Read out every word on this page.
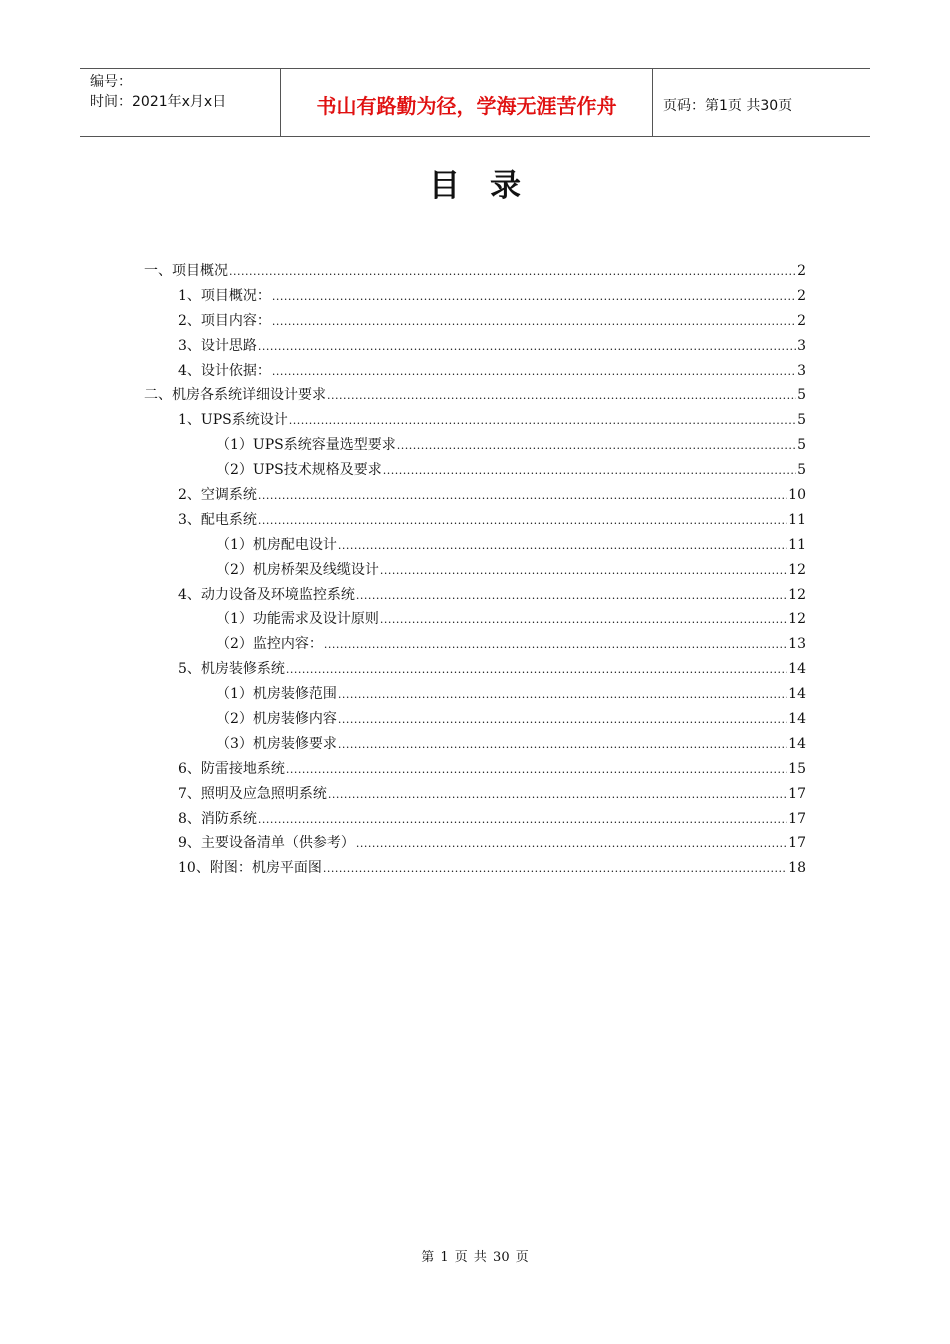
编号：
时间：2021年x月x日	书山有路勤为径，学海无涯苦作舟	页码：第1页 共30页
目录
一、项目概况 .....	2
1、项目概况： .....	2
2、项目内容： .....	2
3、设计思路 .....	3
4、设计依据： .....	3
二、机房各系统详细设计要求 .....	5
1、UPS系统设计 .....	5
（1）UPS系统容量选型要求 .....	5
（2）UPS技术规格及要求 .....	5
2、空调系统 .....	10
3、配电系统 .....	11
（1）机房配电设计 .....	11
（2）机房桥架及线缆设计 .....	12
4、动力设备及环境监控系统 .....	12
（1）功能需求及设计原则 .....	12
（2）监控内容： .....	13
5、机房装修系统 .....	14
（1）机房装修范围 .....	14
（2）机房装修内容 .....	14
（3）机房装修要求 .....	14
6、防雷接地系统 .....	15
7、照明及应急照明系统 .....	17
8、消防系统 .....	17
9、主要设备清单（供参考） .....	17
10、附图：机房平面图 .....	18
第 1 页 共 30 页
